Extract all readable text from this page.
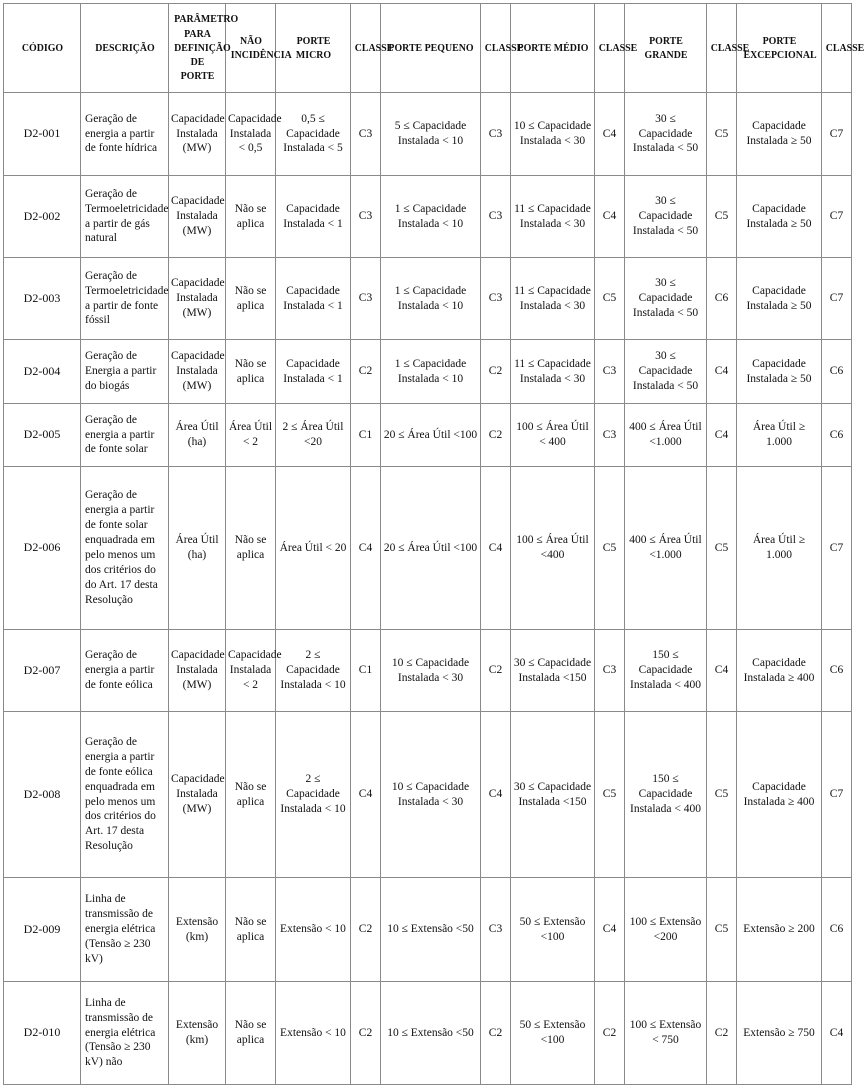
CÓDIGO	DESCRIÇÃO	PARÂMETRO PARA DEFINIÇÃO DE PORTE	NÃO INCIDÊNCIA	PORTE MICRO	CLASSE	PORTE PEQUENO	CLASSE	PORTE MÉDIO	CLASSE	PORTE GRANDE	CLASSE	PORTE EXCEPCIONAL	CLASSE
D2-001	Geração de energia a partir de fonte hídrica	Capacidade Instalada (MW)	Capacidade Instalada < 0,5	0,5 ≤ Capacidade Instalada < 5	C3	5 ≤ Capacidade Instalada < 10	C3	10 ≤ Capacidade Instalada < 30	C4	30 ≤ Capacidade Instalada < 50	C5	Capacidade Instalada ≥ 50	C7
D2-002	Geração de Termoeletricidade a partir de gás natural	Capacidade Instalada (MW)	Não se aplica	Capacidade Instalada < 1	C3	1 ≤ Capacidade Instalada < 10	C3	11 ≤ Capacidade Instalada < 30	C4	30 ≤ Capacidade Instalada < 50	C5	Capacidade Instalada ≥ 50	C7
D2-003	Geração de Termoeletricidade a partir de fonte fóssil	Capacidade Instalada (MW)	Não se aplica	Capacidade Instalada < 1	C3	1 ≤ Capacidade Instalada < 10	C3	11 ≤ Capacidade Instalada < 30	C5	30 ≤ Capacidade Instalada < 50	C6	Capacidade Instalada ≥ 50	C7
D2-004	Geração de Energia a partir do biogás	Capacidade Instalada (MW)	Não se aplica	Capacidade Instalada < 1	C2	1 ≤ Capacidade Instalada < 10	C2	11 ≤ Capacidade Instalada < 30	C3	30 ≤ Capacidade Instalada < 50	C4	Capacidade Instalada ≥ 50	C6
D2-005	Geração de energia a partir de fonte solar	Área Útil (ha)	Área Útil < 2	2 ≤ Área Útil <20	C1	20 ≤ Área Útil <100	C2	100 ≤ Área Útil < 400	C3	400 ≤ Área Útil <1.000	C4	Área Útil ≥ 1.000	C6
D2-006	Geração de energia a partir de fonte solar enquadrada em pelo menos um dos critérios do do Art. 17 desta Resolução	Área Útil (ha)	Não se aplica	Área Útil < 20	C4	20 ≤ Área Útil <100	C4	100 ≤ Área Útil <400	C5	400 ≤ Área Útil <1.000	C5	Área Útil ≥ 1.000	C7
D2-007	Geração de energia a partir de fonte eólica	Capacidade Instalada (MW)	Capacidade Instalada < 2	2 ≤ Capacidade Instalada < 10	C1	10 ≤ Capacidade Instalada < 30	C2	30 ≤ Capacidade Instalada <150	C3	150 ≤ Capacidade Instalada < 400	C4	Capacidade Instalada ≥ 400	C6
D2-008	Geração de energia a partir de fonte eólica enquadrada em pelo menos um dos critérios do Art. 17 desta Resolução	Capacidade Instalada (MW)	Não se aplica	2 ≤ Capacidade Instalada < 10	C4	10 ≤ Capacidade Instalada < 30	C4	30 ≤ Capacidade Instalada <150	C5	150 ≤ Capacidade Instalada < 400	C5	Capacidade Instalada ≥ 400	C7
D2-009	Linha de transmissão de energia elétrica (Tensão ≥ 230 kV)	Extensão (km)	Não se aplica	Extensão < 10	C2	10 ≤ Extensão <50	C3	50 ≤ Extensão <100	C4	100 ≤ Extensão <200	C5	Extensão ≥ 200	C6
D2-010	Linha de transmissão de energia elétrica (Tensão ≥ 230 kV) não	Extensão (km)	Não se aplica	Extensão < 10	C2	10 ≤ Extensão <50	C2	50 ≤ Extensão <100	C2	100 ≤ Extensão < 750	C2	Extensão ≥ 750	C4
